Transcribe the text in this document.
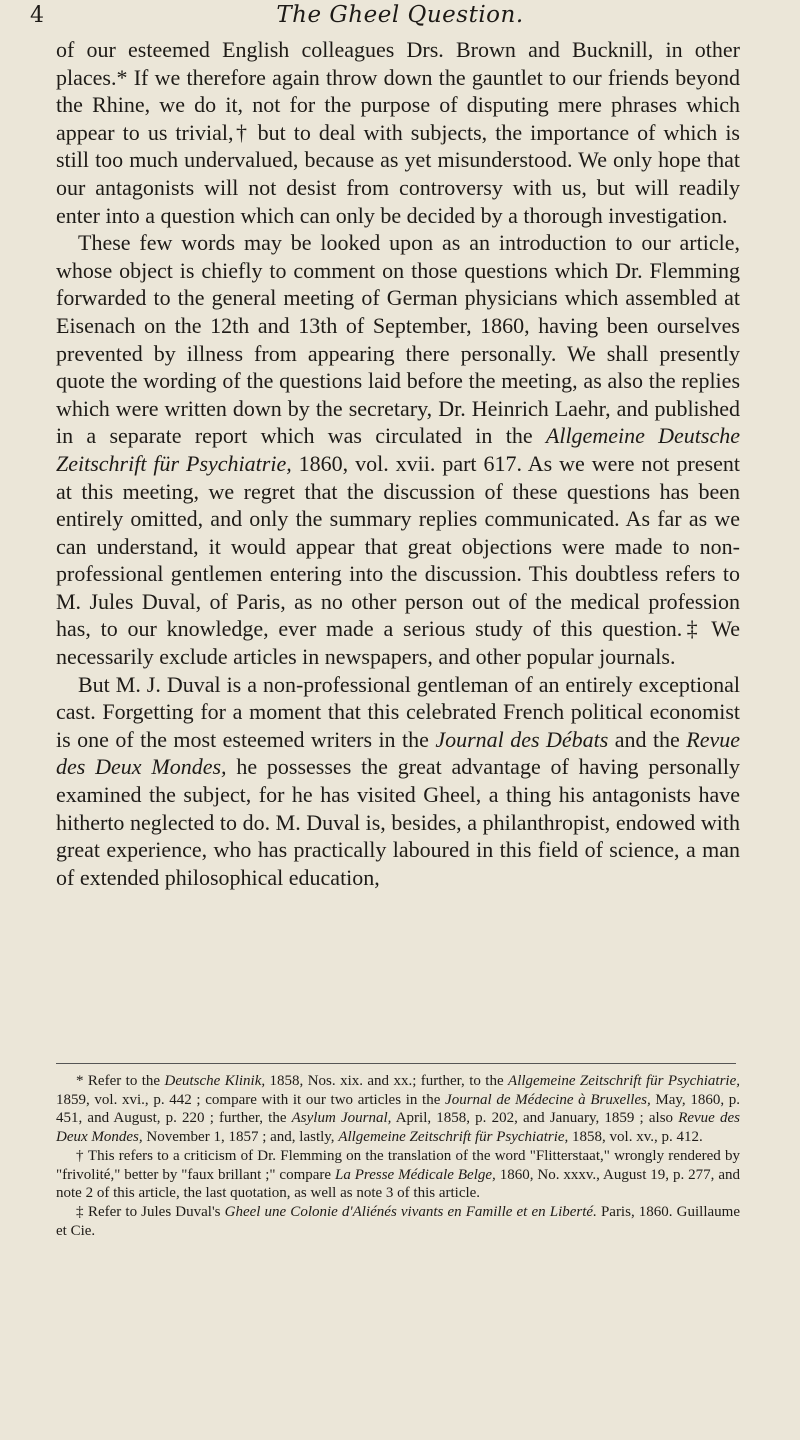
4	The Gheel Question.

of our esteemed English colleagues Drs. Brown and Bucknill, in other places.* If we therefore again throw down the gauntlet to our friends beyond the Rhine, we do it, not for the purpose of disputing mere phrases which appear to us trivial,† but to deal with subjects, the importance of which is still too much undervalued, because as yet misunderstood. We only hope that our antagonists will not desist from controversy with us, but will readily enter into a question which can only be decided by a thorough investigation.

These few words may be looked upon as an introduction to our article, whose object is chiefly to comment on those questions which Dr. Flemming forwarded to the general meeting of German physicians which assembled at Eisenach on the 12th and 13th of September, 1860, having been ourselves prevented by illness from appearing there personally. We shall presently quote the wording of the questions laid before the meeting, as also the replies which were written down by the secretary, Dr. Heinrich Laehr, and published in a separate report which was circulated in the Allgemeine Deutsche Zeitschrift für Psychiatrie, 1860, vol. xvii. part 617. As we were not present at this meeting, we regret that the discussion of these questions has been entirely omitted, and only the summary replies communicated. As far as we can understand, it would appear that great objections were made to non-professional gentlemen entering into the discussion. This doubtless refers to M. Jules Duval, of Paris, as no other person out of the medical profession has, to our knowledge, ever made a serious study of this question.‡ We necessarily exclude articles in newspapers, and other popular journals.

But M. J. Duval is a non-professional gentleman of an entirely exceptional cast. Forgetting for a moment that this celebrated French political economist is one of the most esteemed writers in the Journal des Débats and the Revue des Deux Mondes, he possesses the great advantage of having personally examined the subject, for he has visited Gheel, a thing his antagonists have hitherto neglected to do. M. Duval is, besides, a philanthropist, endowed with great experience, who has practically laboured in this field of science, a man of extended philosophical education,

* Refer to the Deutsche Klinik, 1858, Nos. xix. and xx.; further, to the Allgemeine Zeitschrift für Psychiatrie, 1859, vol. xvi., p. 442 ; compare with it our two articles in the Journal de Médecine à Bruxelles, May, 1860, p. 451, and August, p. 220 ; further, the Asylum Journal, April, 1858, p. 202, and January, 1859 ; also Revue des Deux Mondes, November 1, 1857 ; and, lastly, Allgemeine Zeitschrift für Psychiatrie, 1858, vol. xv., p. 412.

† This refers to a criticism of Dr. Flemming on the translation of the word "Flitterstaat," wrongly rendered by "frivolité," better by "faux brillant ;" compare La Presse Médicale Belge, 1860, No. xxxv., August 19, p. 277, and note 2 of this article, the last quotation, as well as note 3 of this article.

‡ Refer to Jules Duval's Gheel une Colonie d'Aliénés vivants en Famille et en Liberté. Paris, 1860. Guillaume et Cie.
